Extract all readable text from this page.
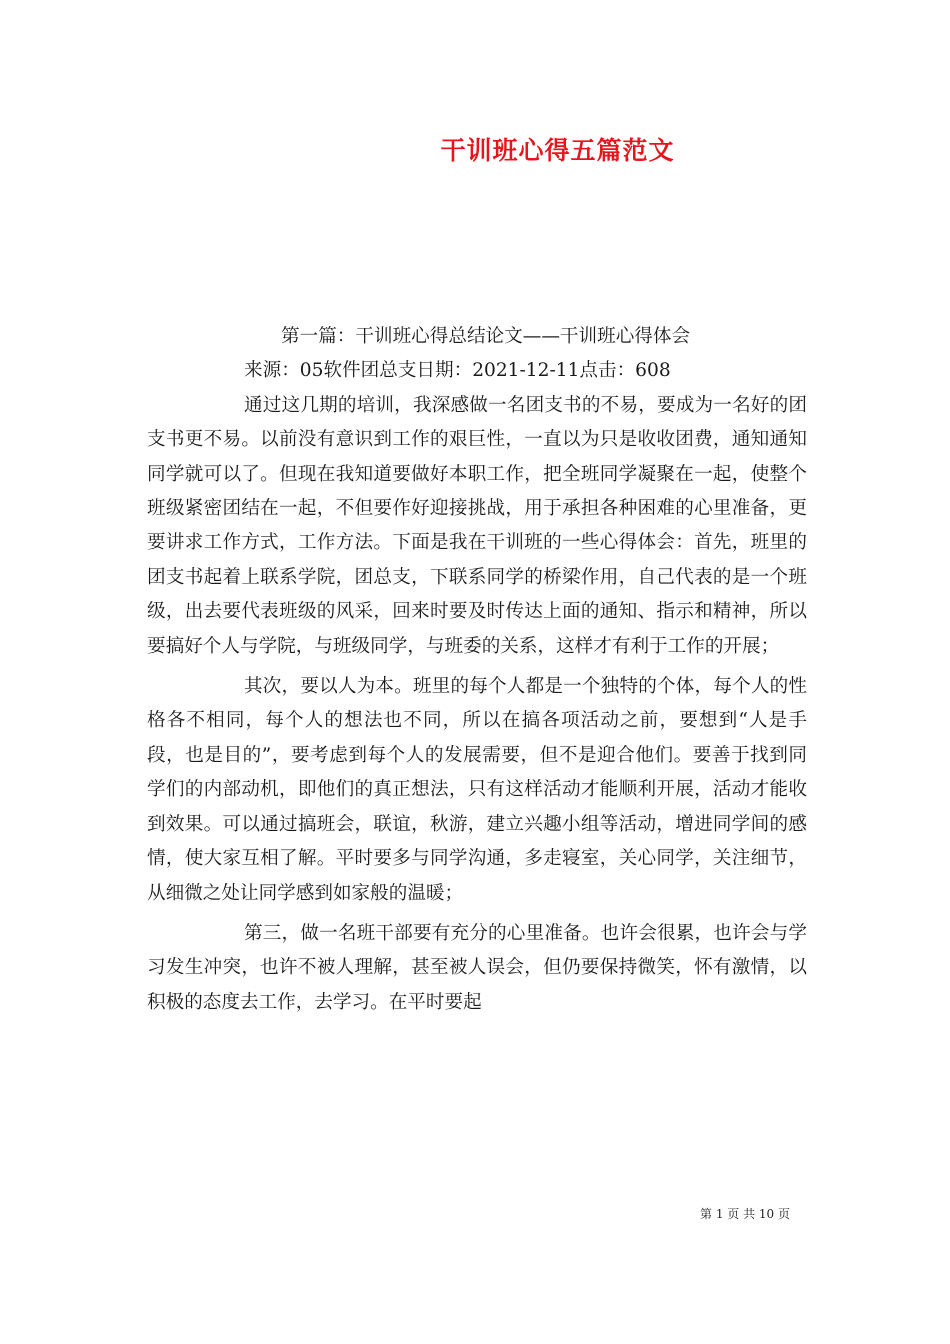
干训班心得五篇范文

第一篇：干训班心得总结论文——干训班心得体会

来源：05软件团总支日期：2021-12-11点击：608

通过这几期的培训，我深感做一名团支书的不易，要成为一名好的团支书更不易。以前没有意识到工作的艰巨性，一直以为只是收收团费，通知通知同学就可以了。但现在我知道要做好本职工作，把全班同学凝聚在一起，使整个班级紧密团结在一起，不但要作好迎接挑战，用于承担各种困难的心里准备，更要讲求工作方式，工作方法。下面是我在干训班的一些心得体会：首先，班里的团支书起着上联系学院，团总支，下联系同学的桥梁作用，自己代表的是一个班级，出去要代表班级的风采，回来时要及时传达上面的通知、指示和精神，所以要搞好个人与学院，与班级同学，与班委的关系，这样才有利于工作的开展；

其次，要以人为本。班里的每个人都是一个独特的个体，每个人的性格各不相同，每个人的想法也不同，所以在搞各项活动之前，要想到“人是手段，也是目的”，要考虑到每个人的发展需要，但不是迎合他们。要善于找到同学们的内部动机，即他们的真正想法，只有这样活动才能顺利开展，活动才能收到效果。可以通过搞班会，联谊，秋游，建立兴趣小组等活动，增进同学间的感情，使大家互相了解。平时要多与同学沟通，多走寝室，关心同学，关注细节，从细微之处让同学感到如家般的温暖；

第三，做一名班干部要有充分的心里准备。也许会很累，也许会与学习发生冲突，也许不被人理解，甚至被人误会，但仍要保持微笑，怀有激情，以积极的态度去工作，去学习。在平时要起

第 1 页 共 10 页
